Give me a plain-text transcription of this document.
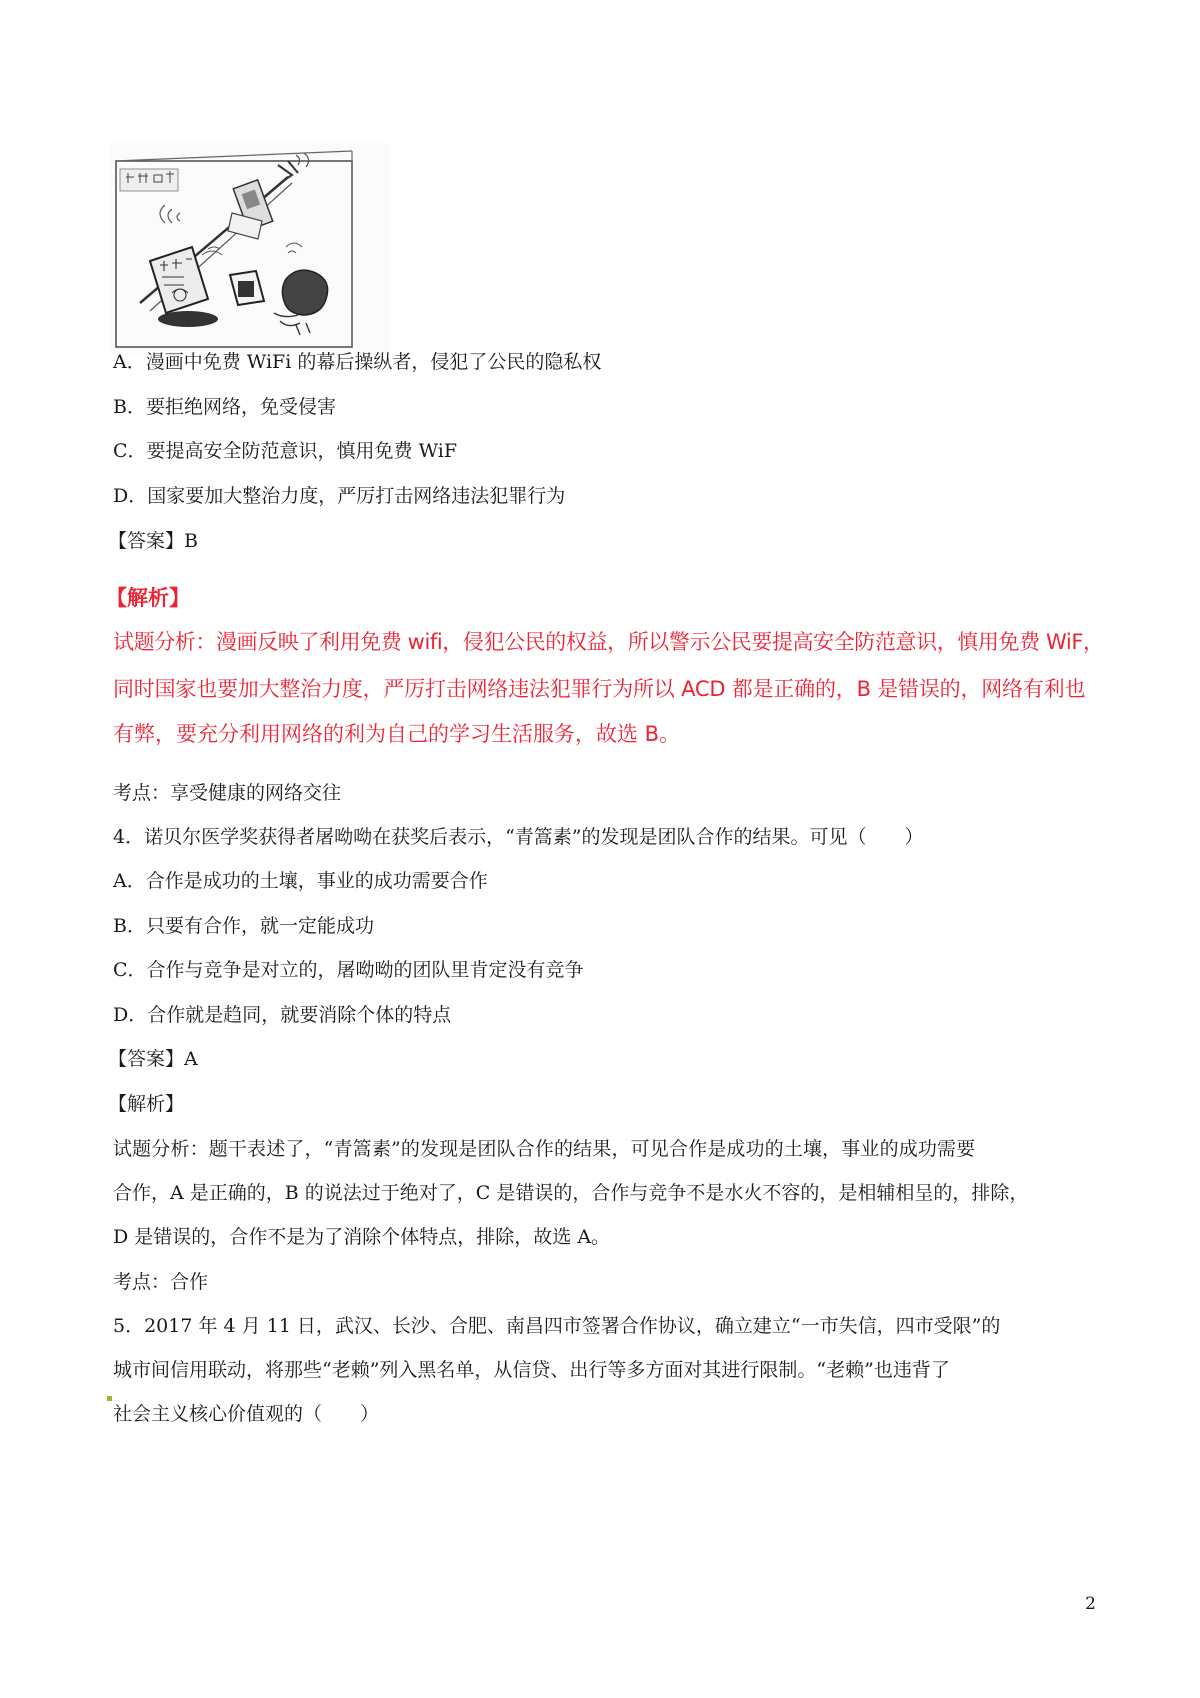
A．漫画中免费 WiFi 的幕后操纵者，侵犯了公民的隐私权
B．要拒绝网络，免受侵害
C．要提高安全防范意识，慎用免费 WiF
D．国家要加大整治力度，严厉打击网络违法犯罪行为
【答案】B
【解析】
试题分析：漫画反映了利用免费 wifi，侵犯公民的权益，所以警示公民要提高安全防范意识，慎用免费 WiF，
同时国家也要加大整治力度，严厉打击网络违法犯罪行为所以 ACD 都是正确的，B 是错误的，网络有利也
有弊，要充分利用网络的利为自己的学习生活服务，故选 B。
考点：享受健康的网络交往
4．诺贝尔医学奖获得者屠呦呦在获奖后表示，“青篙素”的发现是团队合作的结果。可见（　　）
A．合作是成功的土壤，事业的成功需要合作
B．只要有合作，就一定能成功
C．合作与竞争是对立的，屠呦呦的团队里肯定没有竞争
D．合作就是趋同，就要消除个体的特点
【答案】A
【解析】
试题分析：题干表述了，“青篙素”的发现是团队合作的结果，可见合作是成功的土壤，事业的成功需要
合作，A 是正确的，B 的说法过于绝对了，C 是错误的，合作与竞争不是水火不容的，是相辅相呈的，排除，
D 是错误的，合作不是为了消除个体特点，排除，故选 A。
考点：合作
5．2017 年 4 月 11 日，武汉、长沙、合肥、南昌四市签署合作协议，确立建立“一市失信，四市受限”的
城市间信用联动，将那些“老赖”列入黑名单，从信贷、出行等多方面对其进行限制。“老赖”也违背了
社会主义核心价值观的（　　）
2
